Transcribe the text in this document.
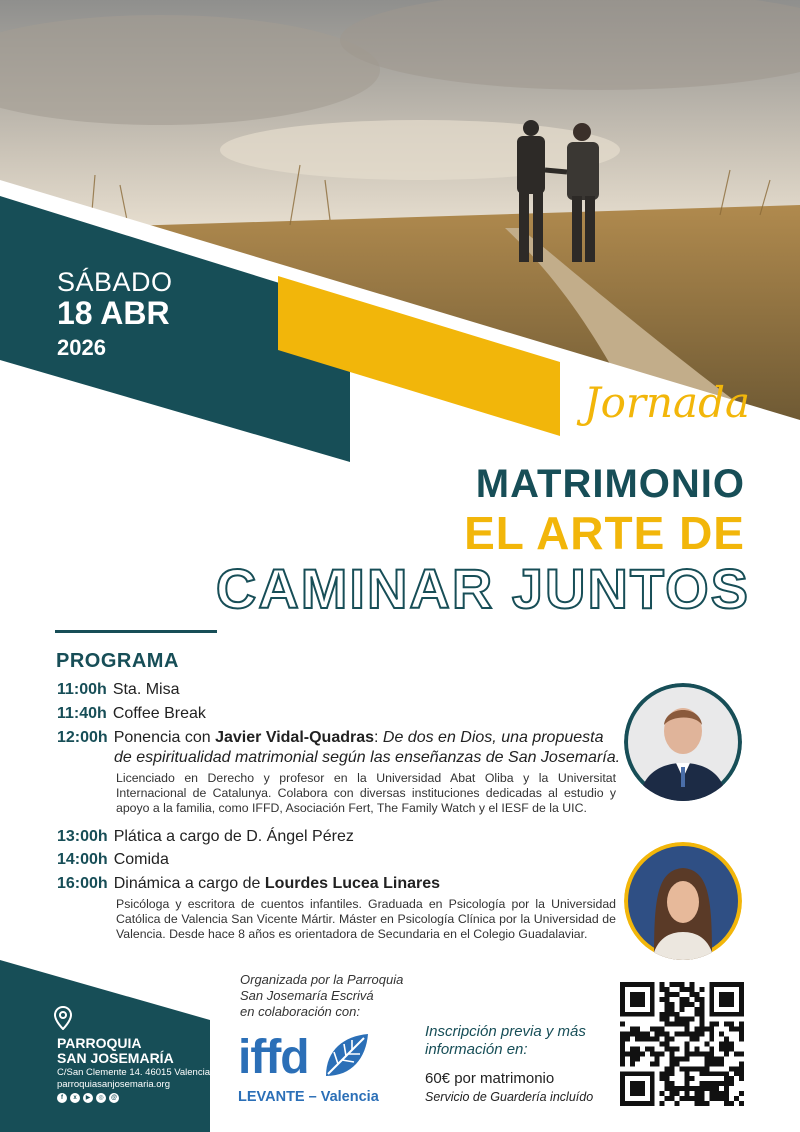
SÁBADO
18 ABR
2026
Jornada
MATRIMONIO
EL ARTE DE
CAMINAR JUNTOS
PROGRAMA
11:00h Sta. Misa
11:40h Coffee Break
12:00h Ponencia con Javier Vidal-Quadras: De dos en Dios, una propuesta
de espiritualidad matrimonial según las enseñanzas de San Josemaría.
Licenciado en Derecho y profesor en la Universidad Abat Oliba y la Universitat Internacional de Catalunya. Colabora con diversas instituciones dedicadas al estudio y apoyo a la familia, como IFFD, Asociación Fert, The Family Watch y el IESF de la UIC.
13:00h Plática a cargo de D. Ángel Pérez
14:00h Comida
16:00h Dinámica a cargo de Lourdes Lucea Linares
Psicóloga y escritora de cuentos infantiles. Graduada en Psicología por la Universidad Católica de Valencia San Vicente Mártir. Máster en Psicología Clínica por la Universidad de Valencia. Desde hace 8 años es orientadora de Secundaria en el Colegio Guadalaviar.
PARROQUIA
SAN JOSEMARÍA
C/San Clemente 14. 46015 Valencia
parroquiasanjosemaria.org
f	x	▶	◎	@
Organizada por la Parroquia
San Josemaría Escrivá
en colaboración con:
iffd
LEVANTE – Valencia
Inscripción previa y más
información en:
60€ por matrimonio
Servicio de Guardería incluído
